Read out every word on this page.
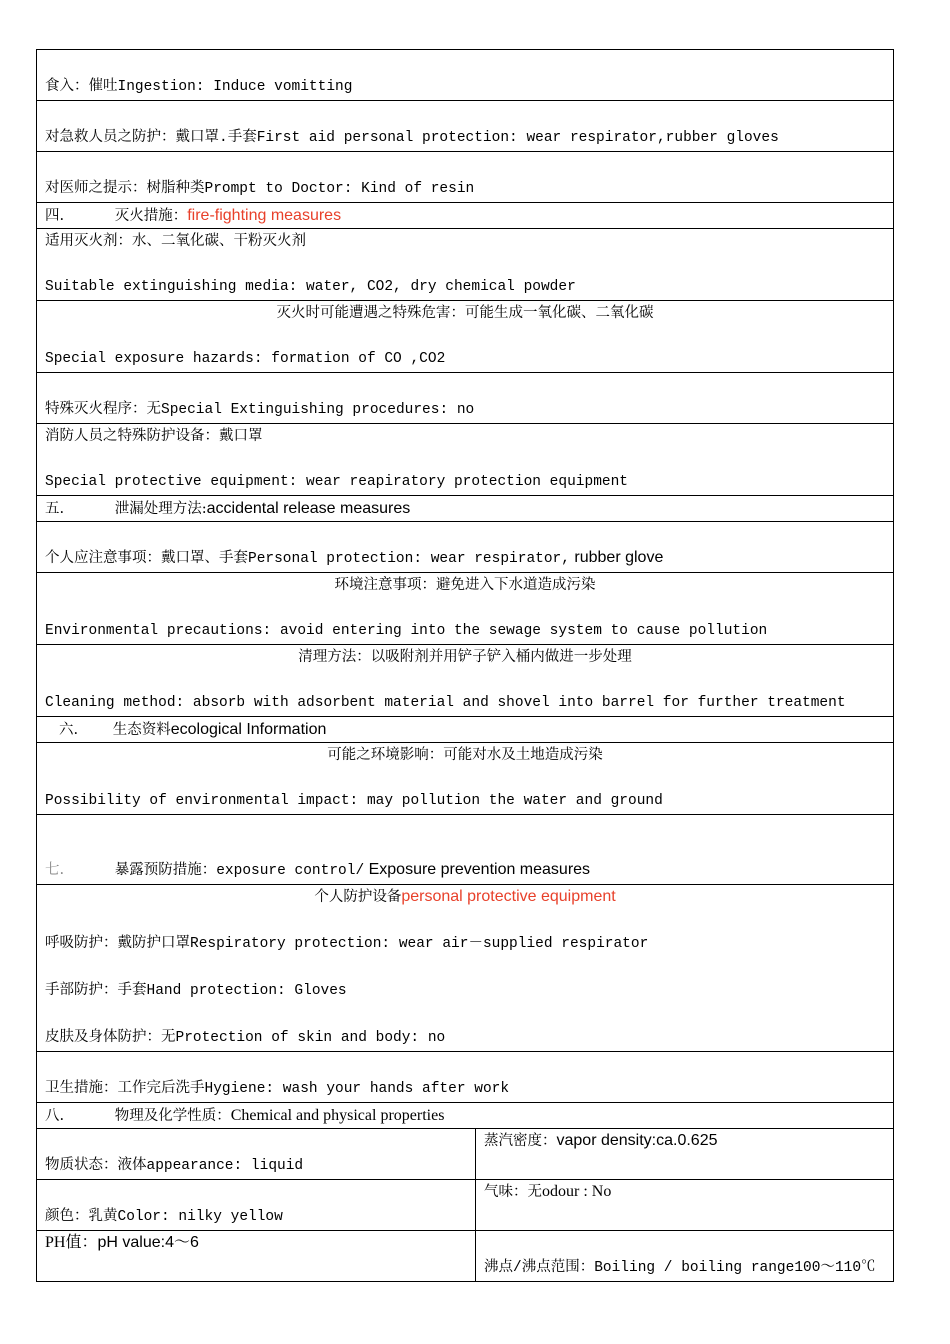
食入：催吐Ingestion: Induce vomitting	
对急救人员之防护：戴口罩.手套First aid personal protection: wear respirator,rubber gloves	
对医师之提示：树脂种类Prompt to Doctor: Kind of resin	
四. 灭火措施：fire-fighting measures	

适用灭火剂：水、二氧化碳、干粉灭火剂
Suitable extinguishing media: water, CO2, dry chemical powder	

灭火时可能遭遇之特殊危害：可能生成一氧化碳、二氧化碳
Special exposure hazards: formation of CO ,CO2	

特殊灭火程序：无Special Extinguishing procedures: no	

消防人员之特殊防护设备：戴口罩
Special protective equipment: wear reapiratory protection equipment	

五. 泄漏处理方法:accidental release measures	
个人应注意事项：戴口罩、手套Personal protection: wear respirator, rubber glove	

环境注意事项：避免进入下水道造成污染
Environmental precautions: avoid entering into the sewage system to cause pollution	

清理方法：以吸附剂并用铲子铲入桶内做进一步处理
Cleaning method: absorb with adsorbent material and shovel into barrel for further treatment	

六. 生态资料ecological Information	

可能之环境影响：可能对水及土地造成污染
Possibility of environmental impact: may pollution the water and ground	

七. 暴露预防措施：exposure control/ Exposure prevention measures	

个人防护设备personal protective equipment
呼吸防护：戴防护口罩Respiratory protection: wear air－supplied respirator
手部防护：手套Hand protection: Gloves
皮肤及身体防护：无Protection of skin and body: no	

卫生措施：工作完后洗手Hygiene: wash your hands after work	
八. 物理及化学性质：Chemical and physical properties	
物质状态：液体appearance: liquid	蒸汽密度：vapor density:ca.0.625
颜色：乳黄Color: nilky yellow	气味：无odour : No
PH值：pH value:4～6	沸点/沸点范围：Boiling / boiling range100～110℃
